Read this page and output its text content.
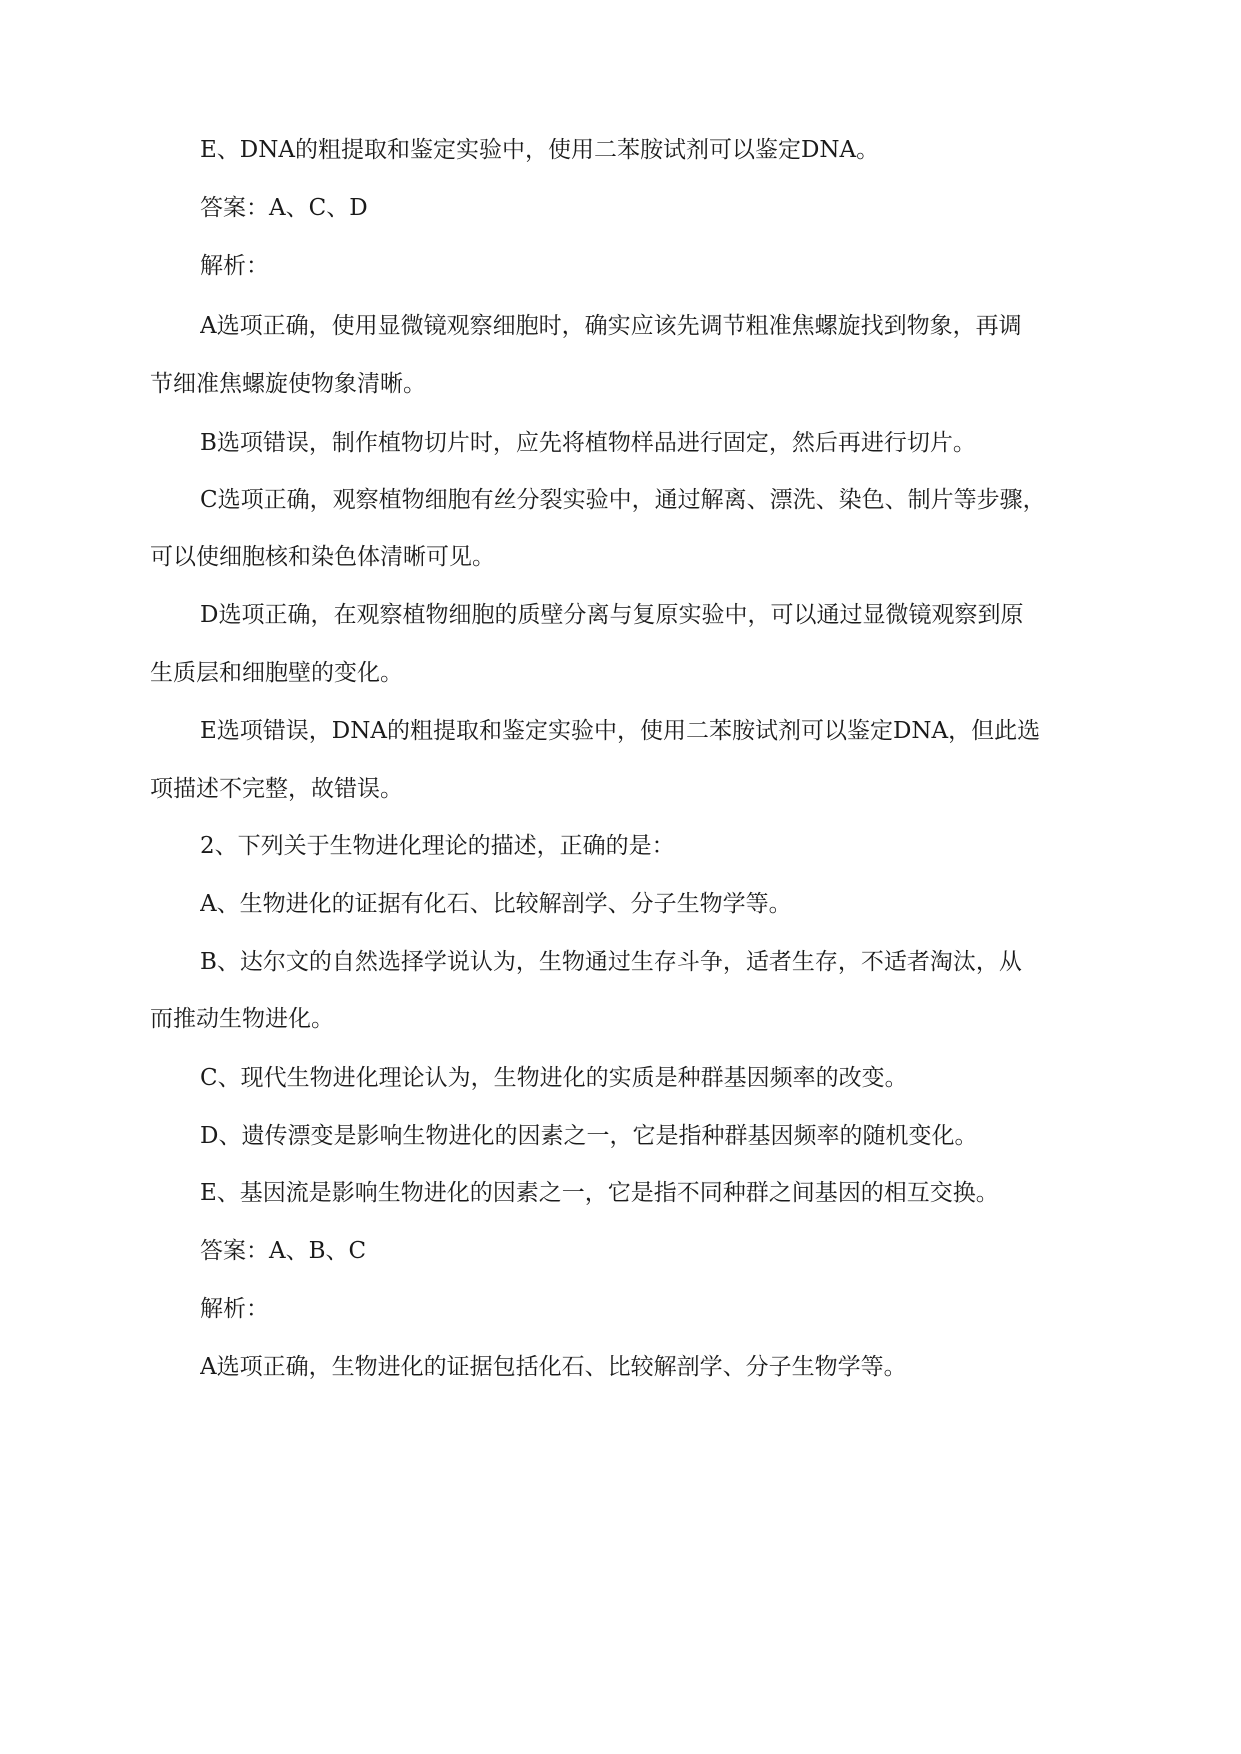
E、DNA的粗提取和鉴定实验中，使用二苯胺试剂可以鉴定DNA。

答案：A、C、D

解析：

A选项正确，使用显微镜观察细胞时，确实应该先调节粗准焦螺旋找到物象，再调

节细准焦螺旋使物象清晰。

B选项错误，制作植物切片时，应先将植物样品进行固定，然后再进行切片。

C选项正确，观察植物细胞有丝分裂实验中，通过解离、漂洗、染色、制片等步骤，

可以使细胞核和染色体清晰可见。

D选项正确，在观察植物细胞的质壁分离与复原实验中，可以通过显微镜观察到原

生质层和细胞壁的变化。

E选项错误，DNA的粗提取和鉴定实验中，使用二苯胺试剂可以鉴定DNA，但此选

项描述不完整，故错误。

2、下列关于生物进化理论的描述，正确的是：

A、生物进化的证据有化石、比较解剖学、分子生物学等。

B、达尔文的自然选择学说认为，生物通过生存斗争，适者生存，不适者淘汰，从

而推动生物进化。

C、现代生物进化理论认为，生物进化的实质是种群基因频率的改变。

D、遗传漂变是影响生物进化的因素之一，它是指种群基因频率的随机变化。

E、基因流是影响生物进化的因素之一，它是指不同种群之间基因的相互交换。

答案：A、B、C

解析：

A选项正确，生物进化的证据包括化石、比较解剖学、分子生物学等。
